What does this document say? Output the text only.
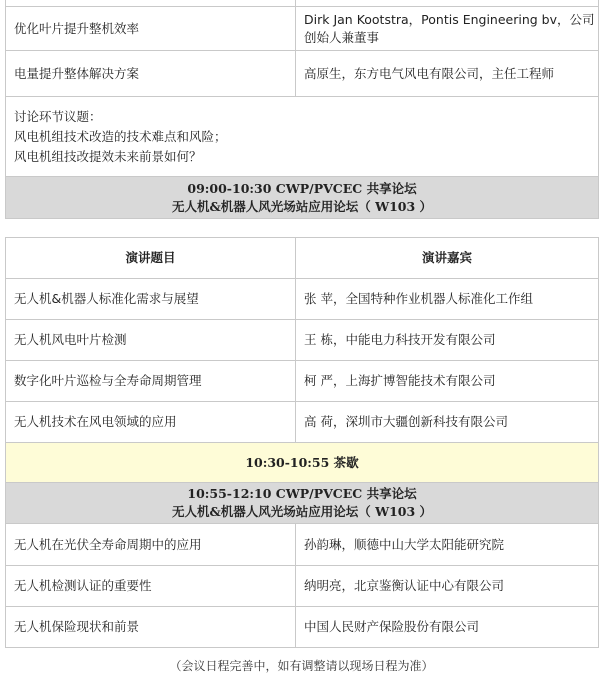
优化叶片提升整机效率	Dirk Jan Kootstra，Pontis Engineering bv，公司创始人兼董事
电量提升整体解决方案	高原生，东方电气风电有限公司，主任工程师

讨论环节议题：
风电机组技术改造的技术难点和风险；
风电机组技改提效未来前景如何？	

09:00-10:30 CWP/PVCEC 共享论坛
无人机&机器人风光场站应用论坛（ W103 ）	
演讲题目	演讲嘉宾
无人机&机器人标准化需求与展望	张 苹，全国特种作业机器人标准化工作组
无人机风电叶片检测	王 栋，中能电力科技开发有限公司
数字化叶片巡检与全寿命周期管理	柯 严，上海扩博智能技术有限公司
无人机技术在风电领域的应用	高 荷，深圳市大疆创新科技有限公司
10:30-10:55 茶歇	

10:55-12:10 CWP/PVCEC 共享论坛
无人机&机器人风光场站应用论坛（ W103 ）	

无人机在光伏全寿命周期中的应用	孙韵琳，顺德中山大学太阳能研究院
无人机检测认证的重要性	纳明亮，北京鉴衡认证中心有限公司
无人机保险现状和前景	中国人民财产保险股份有限公司
（会议日程完善中，如有调整请以现场日程为准）
